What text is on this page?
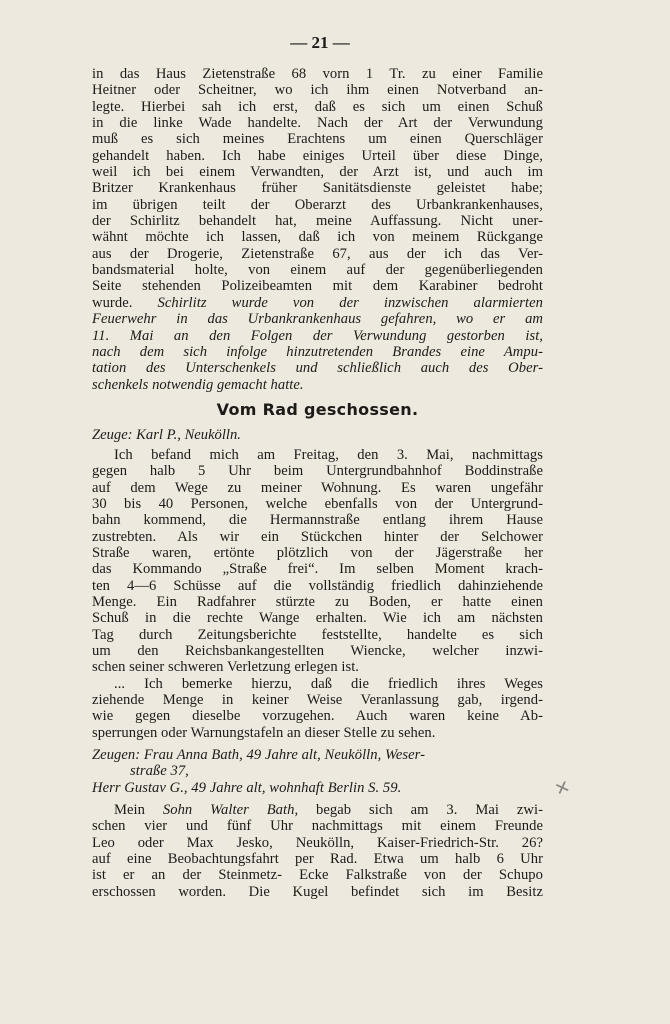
— 21 —
in das Haus Zietenstraße 68 vorn 1 Tr. zu einer Familie
Heitner oder Scheitner, wo ich ihm einen Notverband an-
legte. Hierbei sah ich erst, daß es sich um einen Schuß
in die linke Wade handelte. Nach der Art der Verwundung
muß es sich meines Erachtens um einen Querschläger
gehandelt haben. Ich habe einiges Urteil über diese Dinge,
weil ich bei einem Verwandten, der Arzt ist, und auch im
Britzer Krankenhaus früher Sanitätsdienste geleistet habe;
im übrigen teilt der Oberarzt des Urbankrankenhauses,
der Schirlitz behandelt hat, meine Auffassung. Nicht uner-
wähnt möchte ich lassen, daß ich von meinem Rückgange
aus der Drogerie, Zietenstraße 67, aus der ich das Ver-
bandsmaterial holte, von einem auf der gegenüberliegenden
Seite stehenden Polizeibeamten mit dem Karabiner bedroht
wurde. Schirlitz wurde von der inzwischen alarmierten
Feuerwehr in das Urbankrankenhaus gefahren, wo er am
11. Mai an den Folgen der Verwundung gestorben ist,
nach dem sich infolge hinzutretenden Brandes eine Ampu-
tation des Unterschenkels und schließlich auch des Ober-
schenkels notwendig gemacht hatte.
Vom Rad geschossen.
Zeuge: Karl P., Neukölln.
Ich befand mich am Freitag, den 3. Mai, nachmittags
gegen halb 5 Uhr beim Untergrundbahnhof Boddinstraße
auf dem Wege zu meiner Wohnung. Es waren ungefähr
30 bis 40 Personen, welche ebenfalls von der Untergrund-
bahn kommend, die Hermannstraße entlang ihrem Hause
zustrebten. Als wir ein Stückchen hinter der Selchower
Straße waren, ertönte plötzlich von der Jägerstraße her
das Kommando „Straße frei“. Im selben Moment krach-
ten 4—6 Schüsse auf die vollständig friedlich dahinziehende
Menge. Ein Radfahrer stürzte zu Boden, er hatte einen
Schuß in die rechte Wange erhalten. Wie ich am nächsten
Tag durch Zeitungsberichte feststellte, handelte es sich
um den Reichsbankangestellten Wiencke, welcher inzwi-
schen seiner schweren Verletzung erlegen ist.
... Ich bemerke hierzu, daß die friedlich ihres Weges
ziehende Menge in keiner Weise Veranlassung gab, irgend-
wie gegen dieselbe vorzugehen. Auch waren keine Ab-
sperrungen oder Warnungstafeln an dieser Stelle zu sehen.
Zeugen: Frau Anna Bath, 49 Jahre alt, Neukölln, Weser-
straße 37,
Herr Gustav G., 49 Jahre alt, wohnhaft Berlin S. 59.
Mein Sohn Walter Bath, begab sich am 3. Mai zwi-
schen vier und fünf Uhr nachmittags mit einem Freunde
Leo oder Max Jesko, Neukölln, Kaiser-Friedrich-Str. 26?
auf eine Beobachtungsfahrt per Rad. Etwa um halb 6 Uhr
ist er an der Steinmetz- Ecke Falkstraße von der Schupo
erschossen worden. Die Kugel befindet sich im Besitz
✕
